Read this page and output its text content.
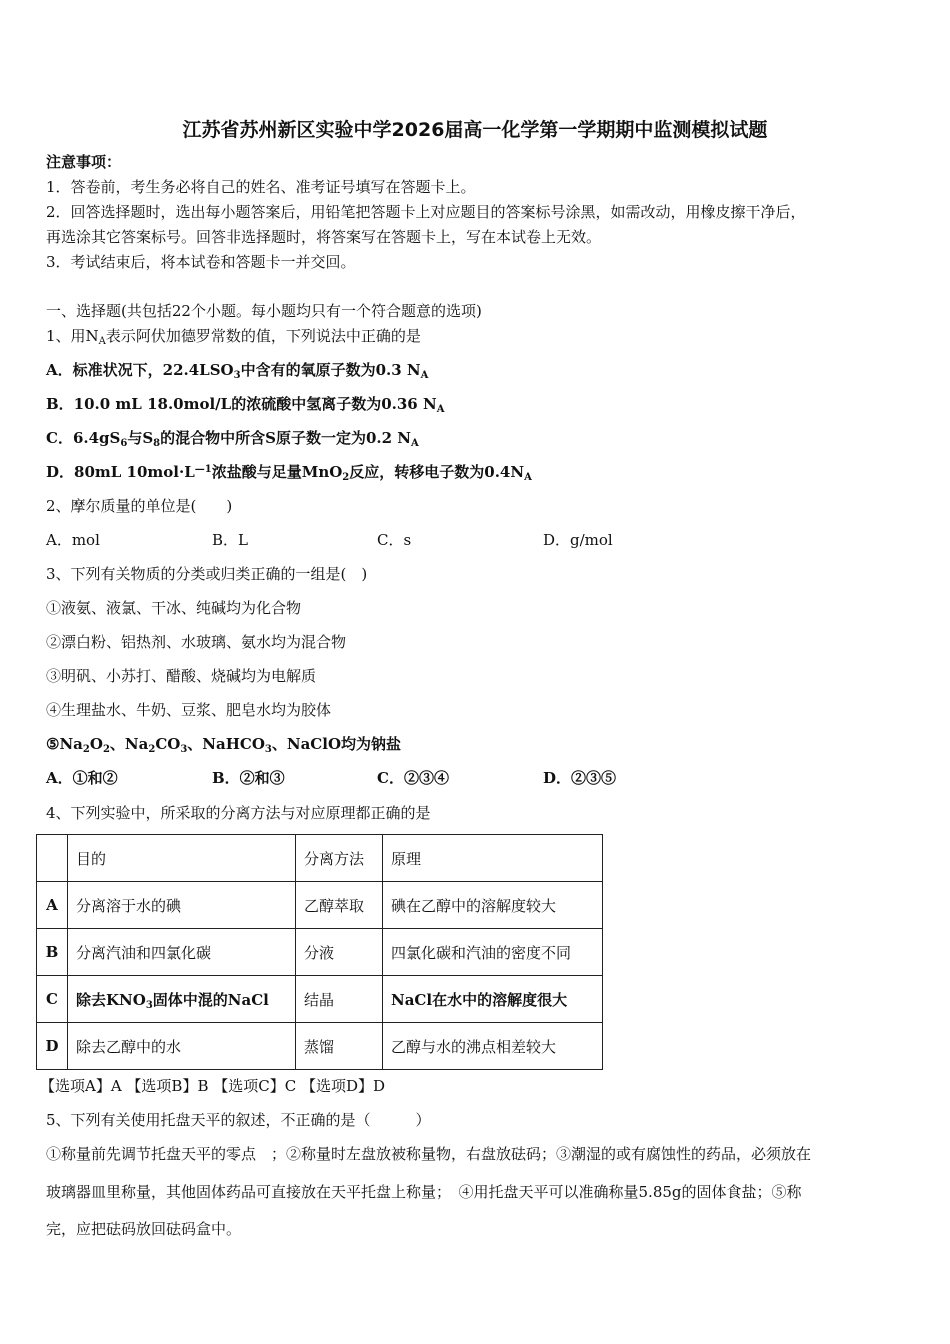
江苏省苏州新区实验中学2026届高一化学第一学期期中监测模拟试题
注意事项：
1．答卷前，考生务必将自己的姓名、准考证号填写在答题卡上。
2．回答选择题时，选出每小题答案后，用铅笔把答题卡上对应题目的答案标号涂黑，如需改动，用橡皮擦干净后，
再选涂其它答案标号。回答非选择题时，将答案写在答题卡上，写在本试卷上无效。
3．考试结束后，将本试卷和答题卡一并交回。
一、选择题(共包括22个小题。每小题均只有一个符合题意的选项)
1、用$N_A$表示阿伏加德罗常数的值，下列说法中正确的是
A．标准状况下，$22.4LSO_3$中含有的氧原子数为0.3 $N_A$
B．10.0 mL 18.0mol/L的浓硫酸中氢离子数为0.36 $N_A$
C．$6.4gS_6$与$S_8$的混合物中所含S原子数一定为0.2 $N_A$
D．80mL $10mol\cdot L^{—1}$浓盐酸与足量MnO$_2$反应，转移电子数为$0.4N_A$
2、摩尔质量的单位是(　　)
A．mol	B．L	C．s	D．g/mol
3、下列有关物质的分类或归类正确的一组是(　)
①液氨、液氯、干冰、纯碱均为化合物
②漂白粉、铝热剂、水玻璃、氨水均为混合物
③明矾、小苏打、醋酸、烧碱均为电解质
④生理盐水、牛奶、豆浆、肥皂水均为胶体
$⑤Na_2O_2$、$Na_2CO_3$、NaHCO$_3$、NaClO均为钠盐
A．①和②	B．②和③	C．②③④	D．②③⑤
4、下列实验中，所采取的分离方法与对应原理都正确的是
	目的	分离方法	原理
A	分离溶于水的碘	乙醇萃取	碘在乙醇中的溶解度较大
B	分离汽油和四氯化碳	分液	四氯化碳和汽油的密度不同
C	除去$KNO_3$固体中混的NaCl	结晶	NaCl在水中的溶解度很大
D	除去乙醇中的水	蒸馏	乙醇与水的沸点相差较大
【选项A】A 【选项B】B 【选项C】C 【选项D】D
5、下列有关使用托盘天平的叙述，不正确的是（　　　）
①称量前先调节托盘天平的零点　；②称量时左盘放被称量物，右盘放砝码；③潮湿的或有腐蚀性的药品，必须放在
玻璃器皿里称量，其他固体药品可直接放在天平托盘上称量；　④用托盘天平可以准确称量5.85g的固体食盐；⑤称
完，应把砝码放回砝码盒中。
